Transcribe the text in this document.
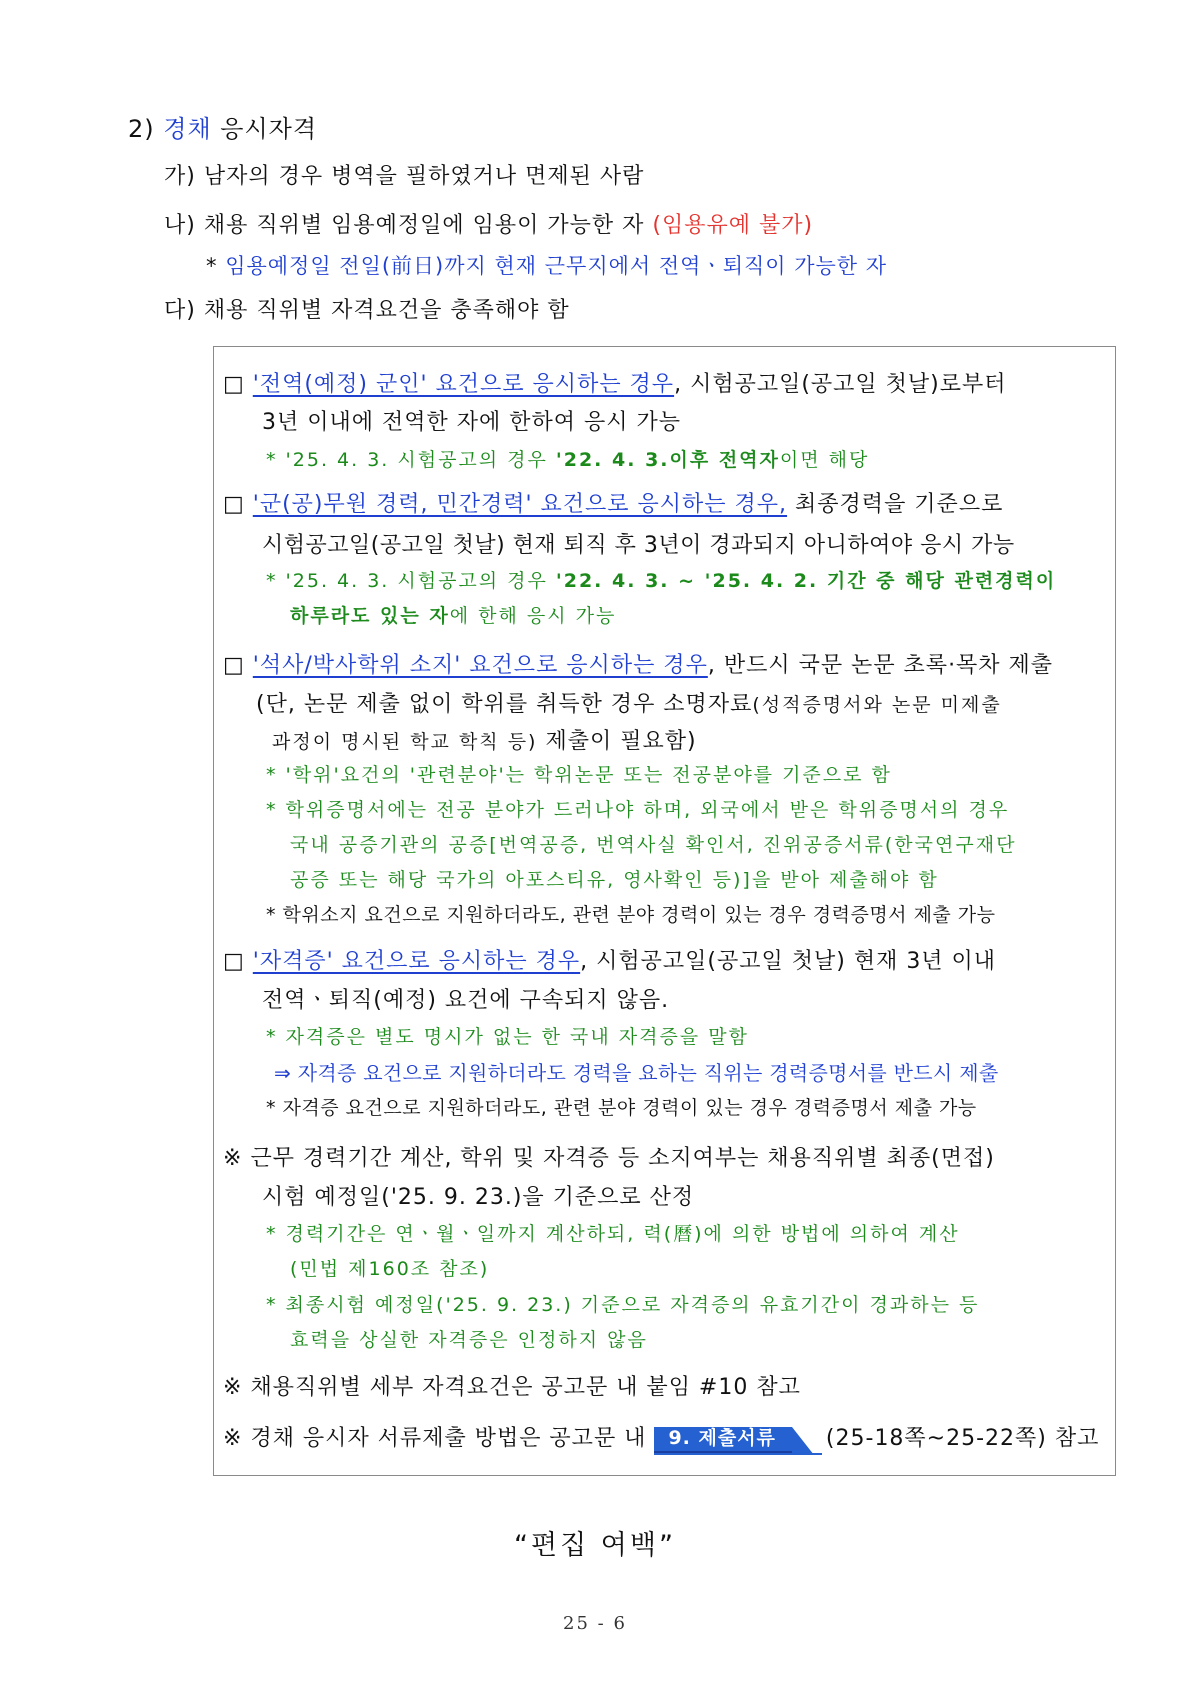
2) 경채 응시자격
가) 남자의 경우 병역을 필하였거나 면제된 사람
나) 채용 직위별 임용예정일에 임용이 가능한 자 (임용유예 불가)
* 임용예정일 전일(前日)까지 현재 근무지에서 전역ㆍ퇴직이 가능한 자
다) 채용 직위별 자격요건을 충족해야 함
□ '전역(예정) 군인' 요건으로 응시하는 경우, 시험공고일(공고일 첫날)로부터
3년 이내에 전역한 자에 한하여 응시 가능
* '25. 4. 3. 시험공고의 경우 '22. 4. 3.이후 전역자이면 해당
□ '군(공)무원 경력, 민간경력' 요건으로 응시하는 경우, 최종경력을 기준으로
시험공고일(공고일 첫날) 현재 퇴직 후 3년이 경과되지 아니하여야 응시 가능
* '25. 4. 3. 시험공고의 경우 '22. 4. 3. ~ '25. 4. 2. 기간 중 해당 관련경력이
하루라도 있는 자에 한해 응시 가능
□ '석사/박사학위 소지' 요건으로 응시하는 경우, 반드시 국문 논문 초록·목차 제출
(단, 논문 제출 없이 학위를 취득한 경우 소명자료(성적증명서와 논문 미제출
과정이 명시된 학교 학칙 등) 제출이 필요함)
* '학위'요건의 '관련분야'는 학위논문 또는 전공분야를 기준으로 함
* 학위증명서에는 전공 분야가 드러나야 하며, 외국에서 받은 학위증명서의 경우
국내 공증기관의 공증[번역공증, 번역사실 확인서, 진위공증서류(한국연구재단
공증 또는 해당 국가의 아포스티유, 영사확인 등)]을 받아 제출해야 함
* 학위소지 요건으로 지원하더라도, 관련 분야 경력이 있는 경우 경력증명서 제출 가능
□ '자격증' 요건으로 응시하는 경우, 시험공고일(공고일 첫날) 현재 3년 이내
전역ㆍ퇴직(예정) 요건에 구속되지 않음.
* 자격증은 별도 명시가 없는 한 국내 자격증을 말함
⇒ 자격증 요건으로 지원하더라도 경력을 요하는 직위는 경력증명서를 반드시 제출
* 자격증 요건으로 지원하더라도, 관련 분야 경력이 있는 경우 경력증명서 제출 가능
※ 근무 경력기간 계산, 학위 및 자격증 등 소지여부는 채용직위별 최종(면접)
시험 예정일('25. 9. 23.)을 기준으로 산정
* 경력기간은 연ㆍ월ㆍ일까지 계산하되, 력(曆)에 의한 방법에 의하여 계산
(민법 제160조 참조)
* 최종시험 예정일('25. 9. 23.) 기준으로 자격증의 유효기간이 경과하는 등
효력을 상실한 자격증은 인정하지 않음
※ 채용직위별 세부 자격요건은 공고문 내 붙임 #10 참고
※ 경채 응시자 서류제출 방법은 공고문 내 9. 제출서류 (25-18쪽~25-22쪽) 참고
“편집 여백”
25 - 6
